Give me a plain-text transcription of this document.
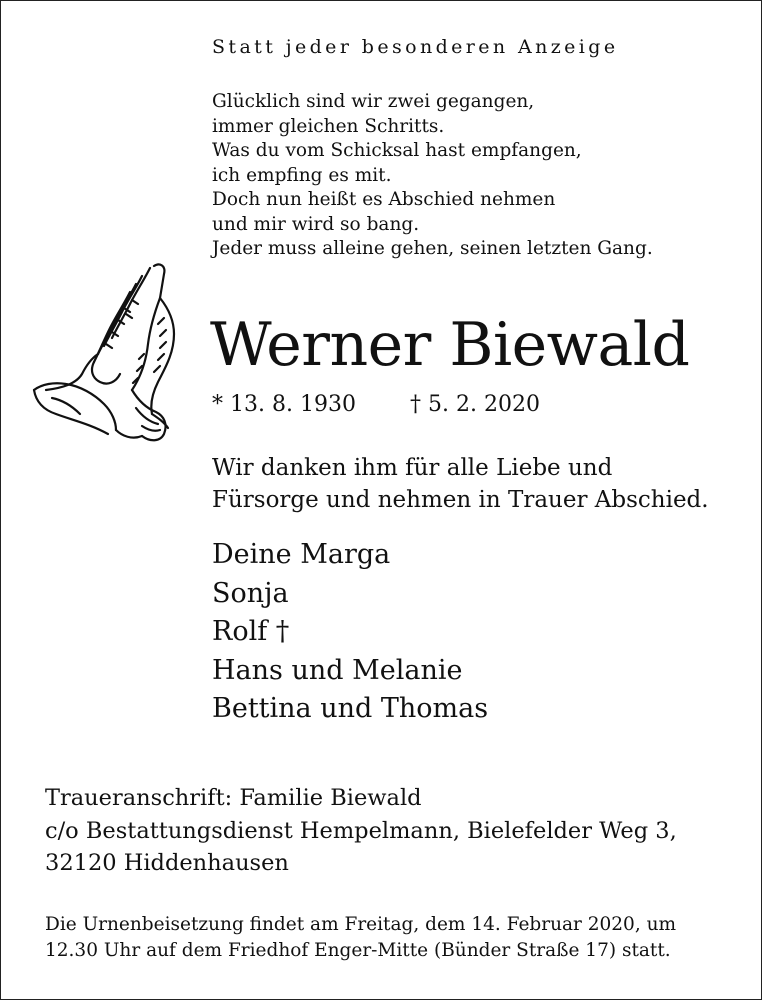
Statt jeder besonderen Anzeige
Glücklich sind wir zwei gegangen,
immer gleichen Schritts.
Was du vom Schicksal hast empfangen,
ich empfing es mit.
Doch nun heißt es Abschied nehmen
und mir wird so bang.
Jeder muss alleine gehen, seinen letzten Gang.
Werner Biewald
* 13. 8. 1930 † 5. 2. 2020
Wir danken ihm für alle Liebe und
Fürsorge und nehmen in Trauer Abschied.
Deine Marga
Sonja
Rolf †
Hans und Melanie
Bettina und Thomas
Traueranschrift: Familie Biewald
c/o Bestattungsdienst Hempelmann, Bielefelder Weg 3,
32120 Hiddenhausen
Die Urnenbeisetzung findet am Freitag, dem 14. Februar 2020, um
12.30 Uhr auf dem Friedhof Enger-Mitte (Bünder Straße 17) statt.
